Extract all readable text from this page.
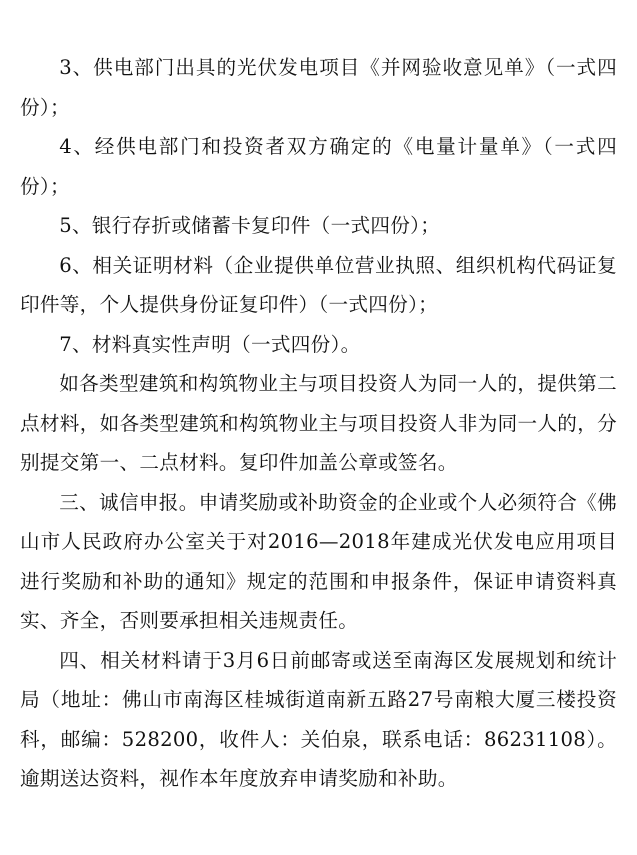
3、供电部门出具的光伏发电项目《并网验收意见单》（一式四份）；

4、经供电部门和投资者双方确定的《电量计量单》（一式四份）；

5、银行存折或储蓄卡复印件（一式四份）；

6、相关证明材料（企业提供单位营业执照、组织机构代码证复印件等，个人提供身份证复印件）（一式四份）；

7、材料真实性声明（一式四份）。

如各类型建筑和构筑物业主与项目投资人为同一人的，提供第二点材料，如各类型建筑和构筑物业主与项目投资人非为同一人的，分别提交第一、二点材料。复印件加盖公章或签名。

三、诚信申报。申请奖励或补助资金的企业或个人必须符合《佛山市人民政府办公室关于对2016—2018年建成光伏发电应用项目进行奖励和补助的通知》规定的范围和申报条件，保证申请资料真实、齐全，否则要承担相关违规责任。

四、相关材料请于3月6日前邮寄或送至南海区发展规划和统计局（地址：佛山市南海区桂城街道南新五路27号南粮大厦三楼投资科，邮编：528200，收件人：关伯泉，联系电话：86231108）。逾期送达资料，视作本年度放弃申请奖励和补助。
